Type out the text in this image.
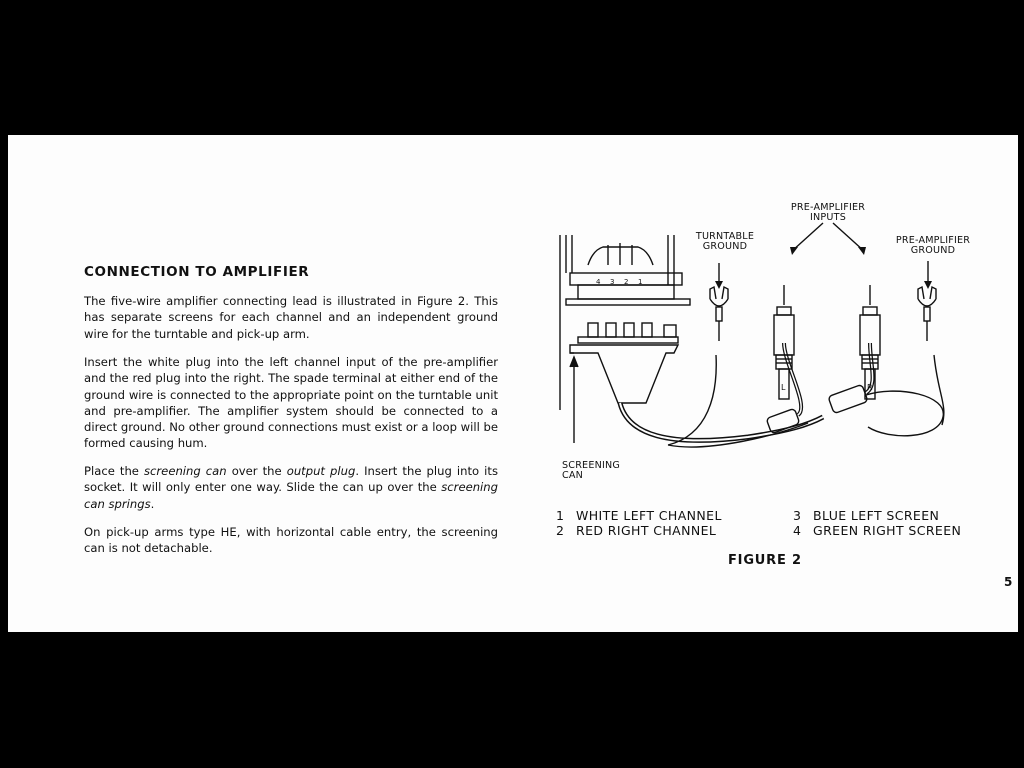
CONNECTION TO AMPLIFIER

The five-wire amplifier connecting lead is illustrated in Figure 2. This has separate screens for each channel and an independent ground wire for the turntable and pick-up arm.

Insert the white plug into the left channel input of the pre-amplifier and the red plug into the right. The spade terminal at either end of the ground wire is connected to the appropriate point on the turntable unit and pre-amplifier. The amplifier system should be connected to a direct ground. No other ground connections must exist or a loop will be formed causing hum.

Place the screening can over the output plug. Insert the plug into its socket. It will only enter one way. Slide the can up over the screening can springs.

On pick-up arms type HE, with horizontal cable entry, the screening can is not detachable.

PRE-AMPLIFIER
INPUTS

TURNTABLE
GROUND

PRE-AMPLIFIER
GROUND

SCREENING
CAN

4 3 2 1
L	R
1 WHITE LEFT CHANNEL
2 RED RIGHT CHANNEL
3 BLUE LEFT SCREEN
4 GREEN RIGHT SCREEN

FIGURE 2

5
